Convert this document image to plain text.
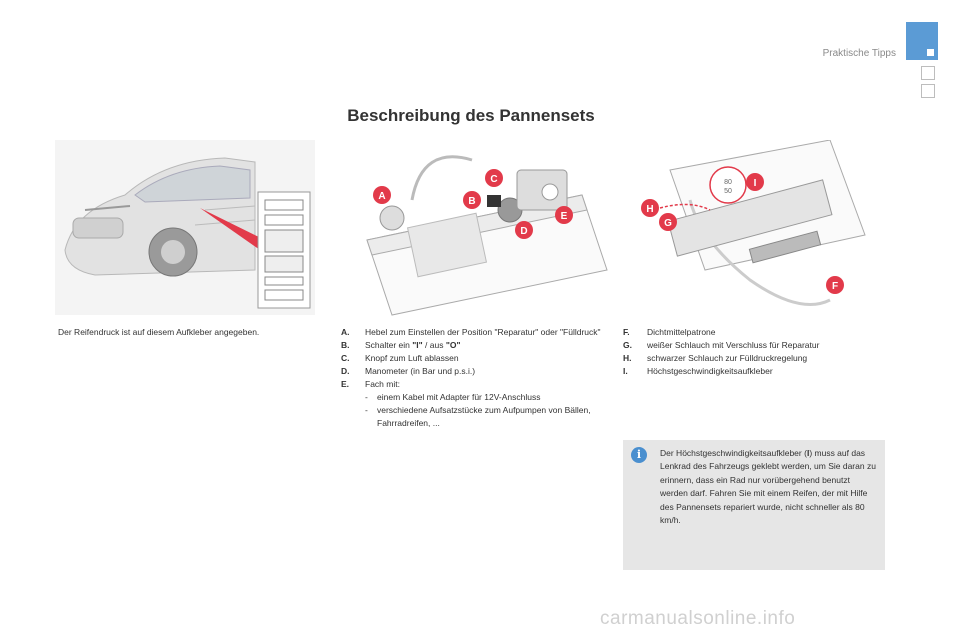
Praktische Tipps
Beschreibung des Pannensets
Der Reifendruck ist auf diesem Aufkleber angegeben.
A	B
C
D
E
80
50
I
H
G
F
A.	Hebel zum Einstellen der Position "Reparatur" oder "Fülldruck"
B.	Schalter ein "I" / aus "O"
C.	Knopf zum Luft ablassen
D.	Manometer (in Bar und p.s.i.)
E.	Fach mit:
-	einem Kabel mit Adapter für 12V-Anschluss
-	verschiedene Aufsatzstücke zum Aufpumpen von Bällen, Fahrradreifen, ...
F.	Dichtmittelpatrone
G.	weißer Schlauch mit Verschluss für Reparatur
H.	schwarzer Schlauch zur Fülldruckregelung
I.	Höchstgeschwindigkeitsaufkleber
i	Der Höchstgeschwindigkeitsaufkleber (I) muss auf das Lenkrad des Fahrzeugs geklebt werden, um Sie daran zu erinnern, dass ein Rad nur vorübergehend benutzt werden darf. Fahren Sie mit einem Reifen, der mit Hilfe des Pannensets repariert wurde, nicht schneller als 80 km/h.
carmanualsonline.info
